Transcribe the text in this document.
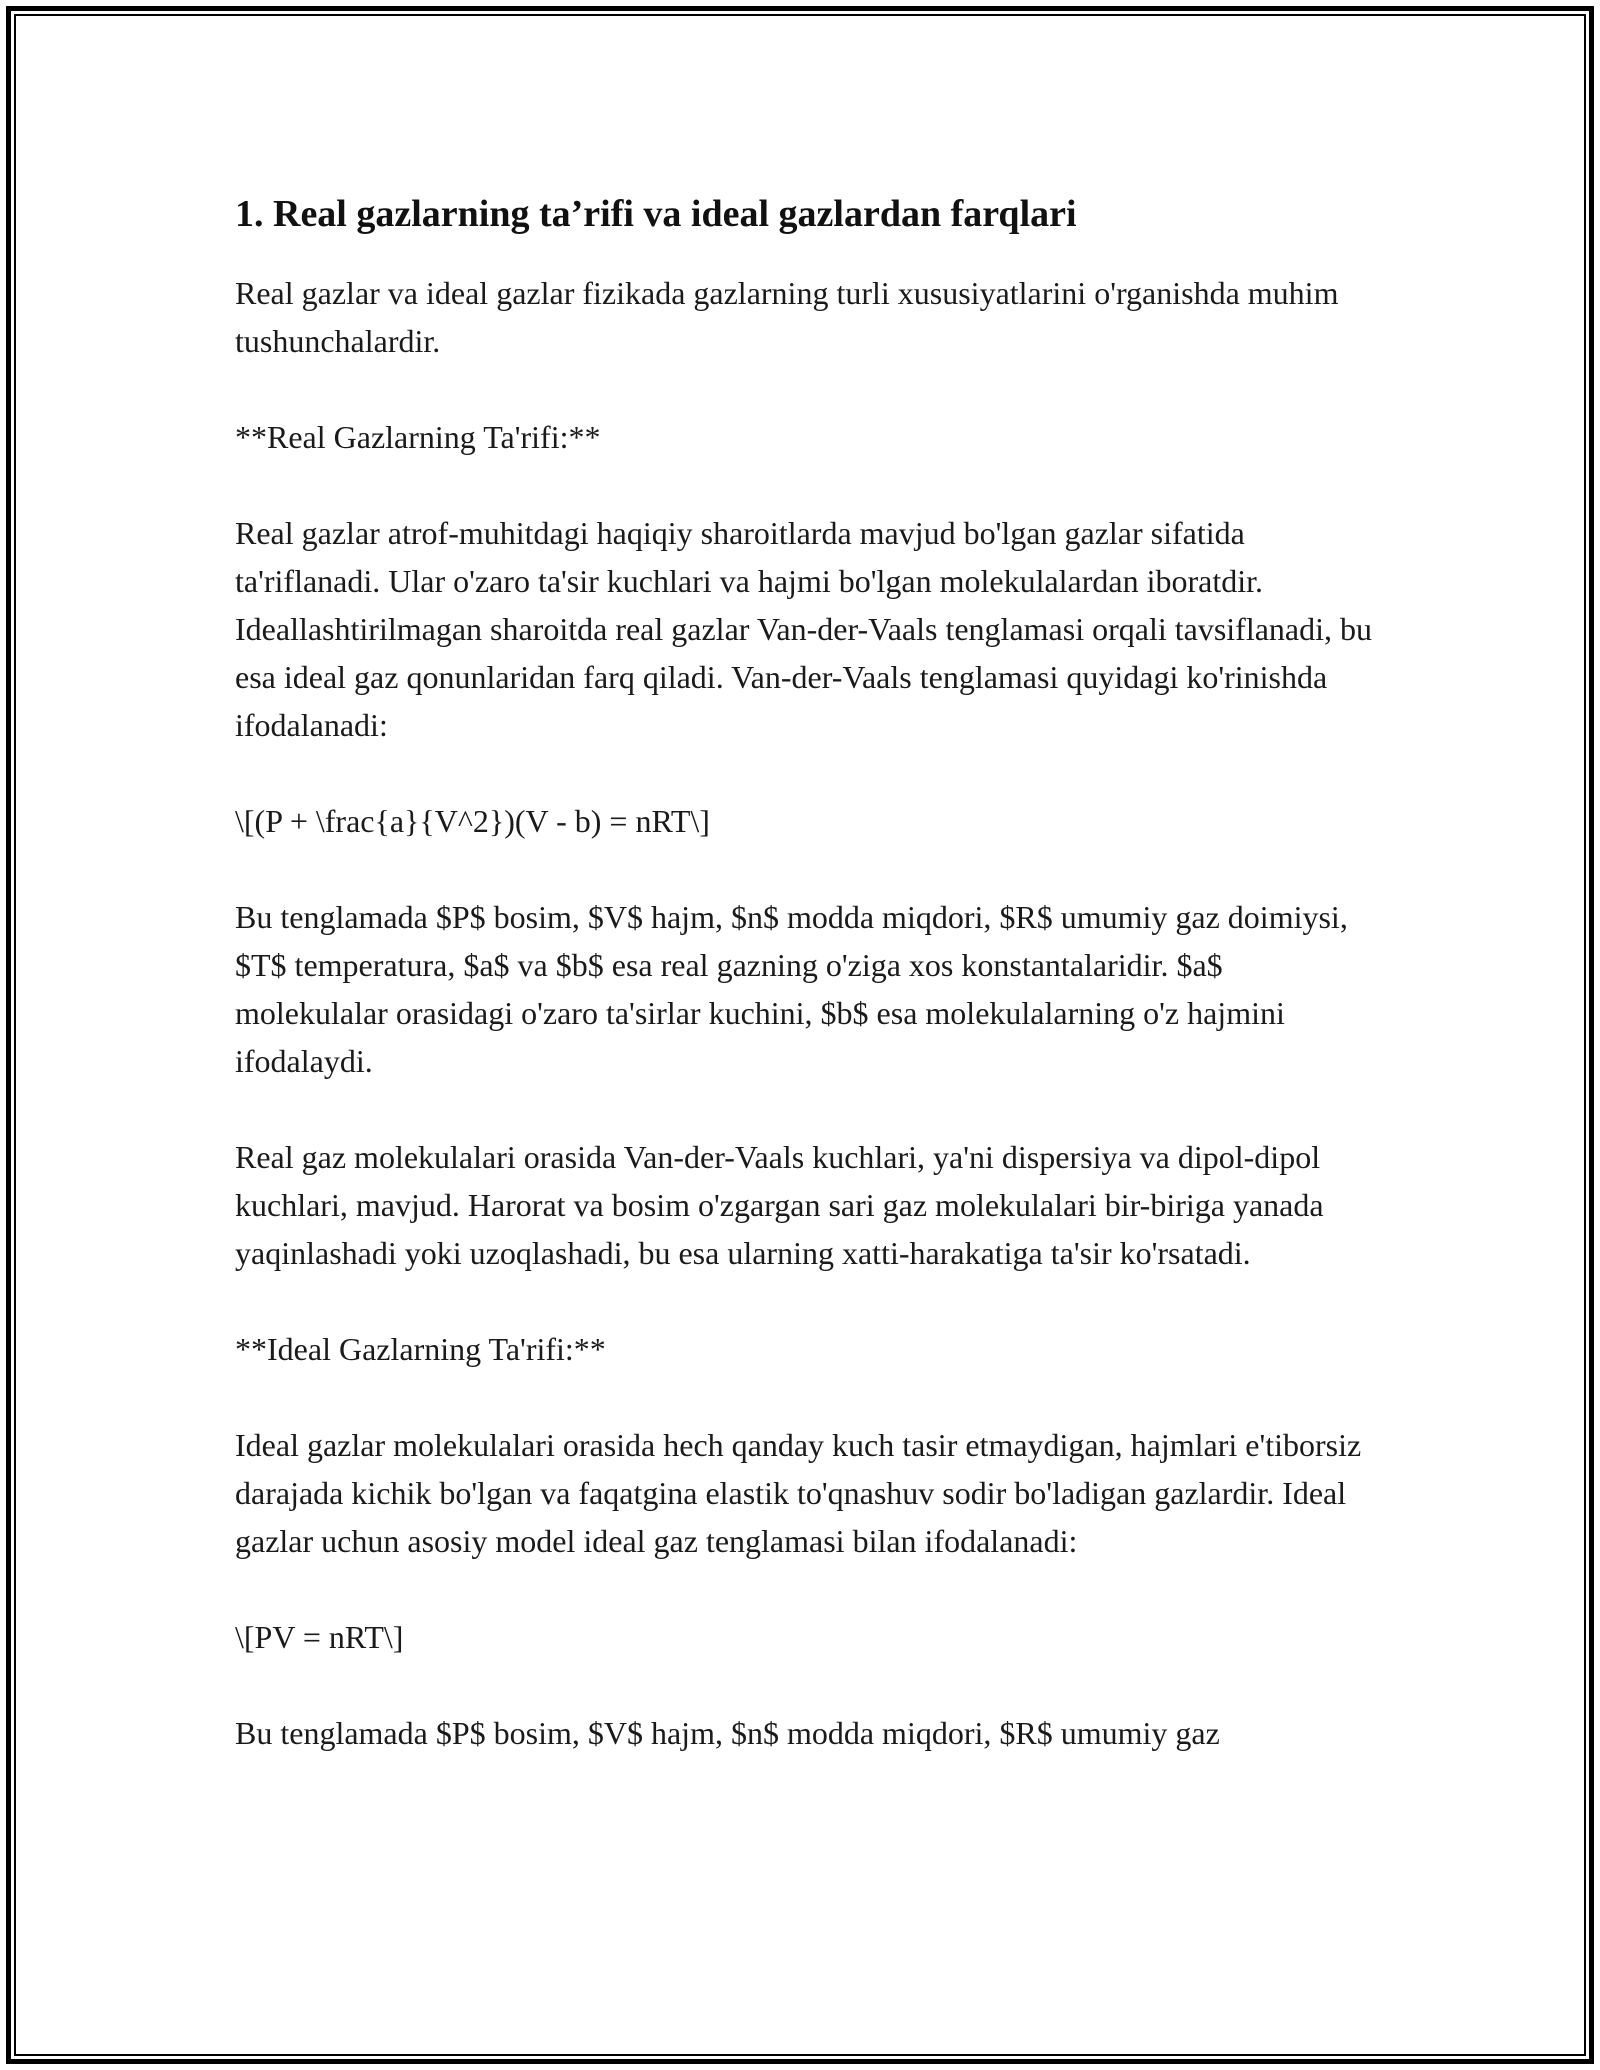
1. Real gazlarning ta’rifi va ideal gazlardan farqlari

Real gazlar va ideal gazlar fizikada gazlarning turli xususiyatlarini o'rganishda muhim tushunchalardir.

**Real Gazlarning Ta'rifi:**

Real gazlar atrof-muhitdagi haqiqiy sharoitlarda mavjud bo'lgan gazlar sifatida ta'riflanadi. Ular o'zaro ta'sir kuchlari va hajmi bo'lgan molekulalardan iboratdir. Ideallashtirilmagan sharoitda real gazlar Van-der-Vaals tenglamasi orqali tavsiflanadi, bu esa ideal gaz qonunlaridan farq qiladi. Van-der-Vaals tenglamasi quyidagi ko'rinishda ifodalanadi:

\[(P + \frac{a}{V^2})(V - b) = nRT\]

Bu tenglamada $P$ bosim, $V$ hajm, $n$ modda miqdori, $R$ umumiy gaz doimiysi, $T$ temperatura, $a$ va $b$ esa real gazning o'ziga xos konstantalaridir. $a$ molekulalar orasidagi o'zaro ta'sirlar kuchini, $b$ esa molekulalarning o'z hajmini ifodalaydi.

Real gaz molekulalari orasida Van-der-Vaals kuchlari, ya'ni dispersiya va dipol-dipol kuchlari, mavjud. Harorat va bosim o'zgargan sari gaz molekulalari bir-biriga yanada yaqinlashadi yoki uzoqlashadi, bu esa ularning xatti-harakatiga ta'sir ko'rsatadi.

**Ideal Gazlarning Ta'rifi:**

Ideal gazlar molekulalari orasida hech qanday kuch tasir etmaydigan, hajmlari e'tiborsiz darajada kichik bo'lgan va faqatgina elastik to'qnashuv sodir bo'ladigan gazlardir. Ideal gazlar uchun asosiy model ideal gaz tenglamasi bilan ifodalanadi:

\[PV = nRT\]

Bu tenglamada $P$ bosim, $V$ hajm, $n$ modda miqdori, $R$ umumiy gaz
